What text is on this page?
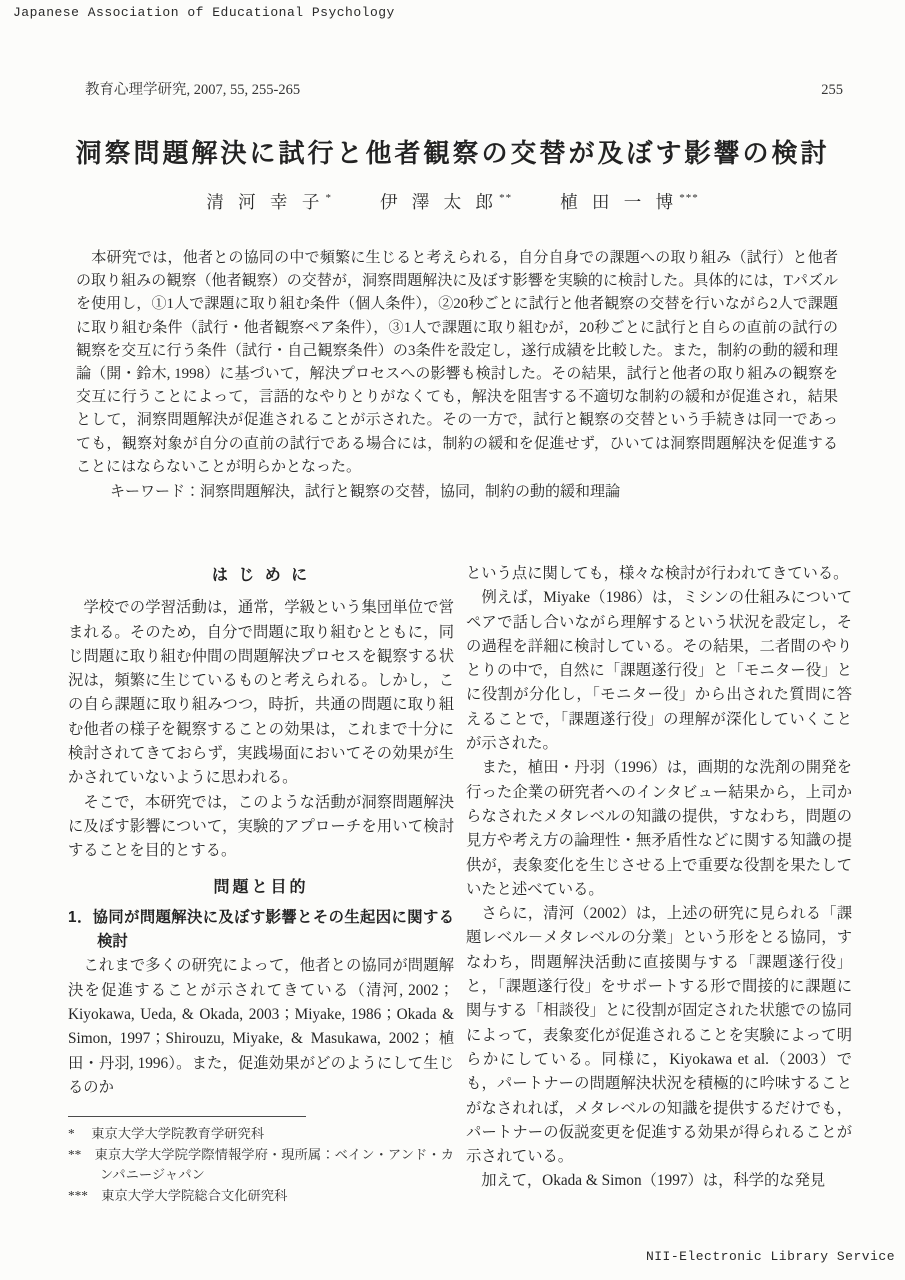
Japanese Association of Educational Psychology
教育心理学研究, 2007, 55, 255-265	255
洞察問題解決に試行と他者観察の交替が及ぼす影響の検討
清 河 幸 子*	伊 澤 太 郎**	植 田 一 博***
　本研究では，他者との協同の中で頻繁に生じると考えられる，自分自身での課題への取り組み（試行）と他者の取り組みの観察（他者観察）の交替が，洞察問題解決に及ぼす影響を実験的に検討した。具体的には，Tパズルを使用し，①1人で課題に取り組む条件（個人条件），②20秒ごとに試行と他者観察の交替を行いながら2人で課題に取り組む条件（試行・他者観察ペア条件），③1人で課題に取り組むが，20秒ごとに試行と自らの直前の試行の観察を交互に行う条件（試行・自己観察条件）の3条件を設定し，遂行成績を比較した。また，制約の動的緩和理論（開・鈴木, 1998）に基づいて，解決プロセスへの影響も検討した。その結果，試行と他者の取り組みの観察を交互に行うことによって，言語的なやりとりがなくても，解決を阻害する不適切な制約の緩和が促進され，結果として，洞察問題解決が促進されることが示された。その一方で，試行と観察の交替という手続きは同一であっても，観察対象が自分の直前の試行である場合には，制約の緩和を促進せず，ひいては洞察問題解決を促進することにはならないことが明らかとなった。
キーワード：洞察問題解決，試行と観察の交替，協同，制約の動的緩和理論
は じ め に

　学校での学習活動は，通常，学級という集団単位で営まれる。そのため，自分で問題に取り組むとともに，同じ問題に取り組む仲間の問題解決プロセスを観察する状況は，頻繁に生じているものと考えられる。しかし，この自ら課題に取り組みつつ，時折，共通の問題に取り組む他者の様子を観察することの効果は，これまで十分に検討されてきておらず，実践場面においてその効果が生かされていないように思われる。

　そこで，本研究では，このような活動が洞察問題解決に及ぼす影響について，実験的アプローチを用いて検討することを目的とする。

問題と目的

1．協同が問題解決に及ぼす影響とその生起因に関する検討

　これまで多くの研究によって，他者との協同が問題解決を促進することが示されてきている（清河, 2002；Kiyokawa, Ueda, & Okada, 2003；Miyake, 1986；Okada & Simon, 1997；Shirouzu, Miyake, & Masukawa, 2002；植田・丹羽, 1996）。また，促進効果がどのようにして生じるのか

*　 東京大学大学院教育学研究科
**　東京大学大学院学際情報学府・現所属：ベイン・アンド・カンパニージャパン
***　東京大学大学院総合文化研究科

という点に関しても，様々な検討が行われてきている。

　例えば，Miyake（1986）は，ミシンの仕組みについてペアで話し合いながら理解するという状況を設定し，その過程を詳細に検討している。その結果，二者間のやりとりの中で，自然に「課題遂行役」と「モニター役」とに役割が分化し，「モニター役」から出された質問に答えることで，「課題遂行役」の理解が深化していくことが示された。

　また，植田・丹羽（1996）は，画期的な洗剤の開発を行った企業の研究者へのインタビュー結果から，上司からなされたメタレベルの知識の提供，すなわち，問題の見方や考え方の論理性・無矛盾性などに関する知識の提供が，表象変化を生じさせる上で重要な役割を果たしていたと述べている。

　さらに，清河（2002）は，上述の研究に見られる「課題レベル－メタレベルの分業」という形をとる協同，すなわち，問題解決活動に直接関与する「課題遂行役」と，「課題遂行役」をサポートする形で間接的に課題に関与する「相談役」とに役割が固定された状態での協同によって，表象変化が促進されることを実験によって明らかにしている。同様に，Kiyokawa et al.（2003）でも，パートナーの問題解決状況を積極的に吟味することがなされれば，メタレベルの知識を提供するだけでも，パートナーの仮説変更を促進する効果が得られることが示されている。

　加えて，Okada & Simon（1997）は，科学的な発見

NII-Electronic Library Service
